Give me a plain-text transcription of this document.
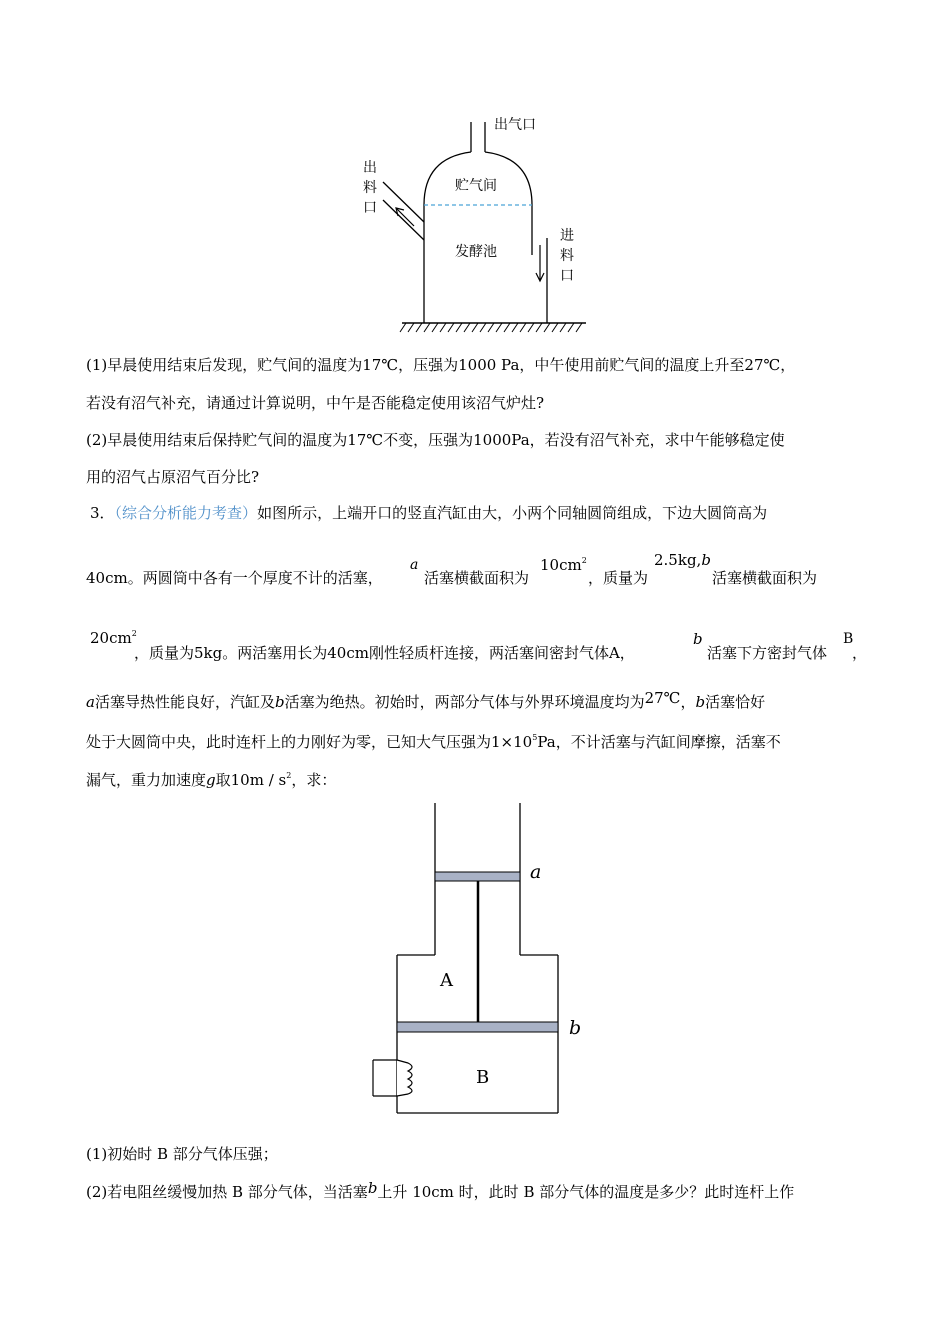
出气口
出
料
口
贮气间
发酵池
进
料
口
(1)早晨使用结束后发现，贮气间的温度为17℃，压强为1000 Pa，中午使用前贮气间的温度上升至27℃，
若没有沼气补充，请通过计算说明，中午是否能稳定使用该沼气炉灶?
(2)早晨使用结束后保持贮气间的温度为17℃不变，压强为1000Pa，若没有沼气补充，求中午能够稳定使
用的沼气占原沼气百分比?
3．（综合分析能力考查）如图所示，上端开口的竖直汽缸由大，小两个同轴圆筒组成，下边大圆筒高为
40cm。两圆筒中各有一个厚度不计的活塞，
a
活塞横截面积为
$10cm^2$
，质量为
2.5kg,b
活塞横截面积为
$20cm^2$
，质量为5kg。两活塞用长为40cm刚性轻质杆连接，两活塞间密封气体A，
b
活塞下方密封气体
B
，
a活塞导热性能良好，汽缸及b活塞为绝热。初始时，两部分气体与外界环境温度均为27℃，b活塞恰好
处于大圆筒中央，此时连杆上的力刚好为零，已知大气压强为$1\times 10^5Pa$，不计活塞与汽缸间摩擦，活塞不
漏气，重力加速度g取$10m / s^2$，求：
a
A
b
B
(1)初始时 B 部分气体压强；
(2)若电阻丝缓慢加热 B 部分气体，当活塞b上升 10cm 时，此时 B 部分气体的温度是多少？此时连杆上作
